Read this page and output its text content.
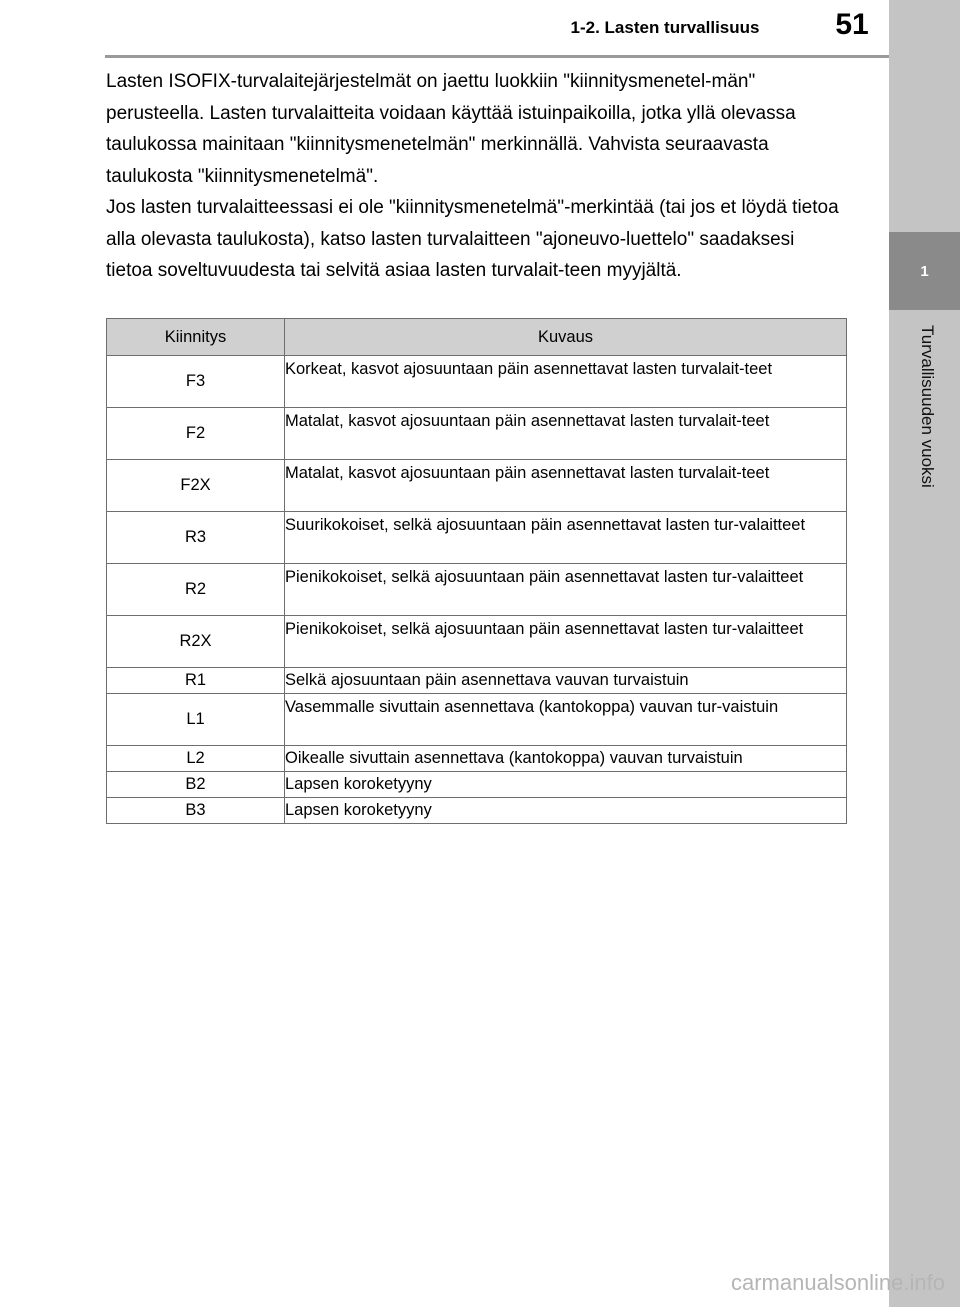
1-2. Lasten turvallisuus	51
1
Turvallisuuden vuoksi

Lasten ISOFIX-turvalaitejärjestelmät on jaettu luokkiin "kiinnitysmenetel-män" perusteella. Lasten turvalaitteita voidaan käyttää istuinpaikoilla, jotka yllä olevassa taulukossa mainitaan "kiinnitysmenetelmän" merkinnällä. Vahvista seuraavasta taulukosta "kiinnitysmenetelmä".

Jos lasten turvalaitteessasi ei ole "kiinnitysmenetelmä"-merkintää (tai jos et löydä tietoa alla olevasta taulukosta), katso lasten turvalaitteen "ajoneuvo-luettelo" saadaksesi tietoa soveltuvuudesta tai selvitä asiaa lasten turvalait-teen myyjältä.

Kiinnitys	Kuvaus
F3	Korkeat, kasvot ajosuuntaan päin asennettavat lasten turvalait-teet
F2	Matalat, kasvot ajosuuntaan päin asennettavat lasten turvalait-teet
F2X	Matalat, kasvot ajosuuntaan päin asennettavat lasten turvalait-teet
R3	Suurikokoiset, selkä ajosuuntaan päin asennettavat lasten tur-valaitteet
R2	Pienikokoiset, selkä ajosuuntaan päin asennettavat lasten tur-valaitteet
R2X	Pienikokoiset, selkä ajosuuntaan päin asennettavat lasten tur-valaitteet
R1	Selkä ajosuuntaan päin asennettava vauvan turvaistuin
L1	Vasemmalle sivuttain asennettava (kantokoppa) vauvan tur-vaistuin
L2	Oikealle sivuttain asennettava (kantokoppa) vauvan turvaistuin
B2	Lapsen koroketyyny
B3	Lapsen koroketyyny
carmanualsonline.info
